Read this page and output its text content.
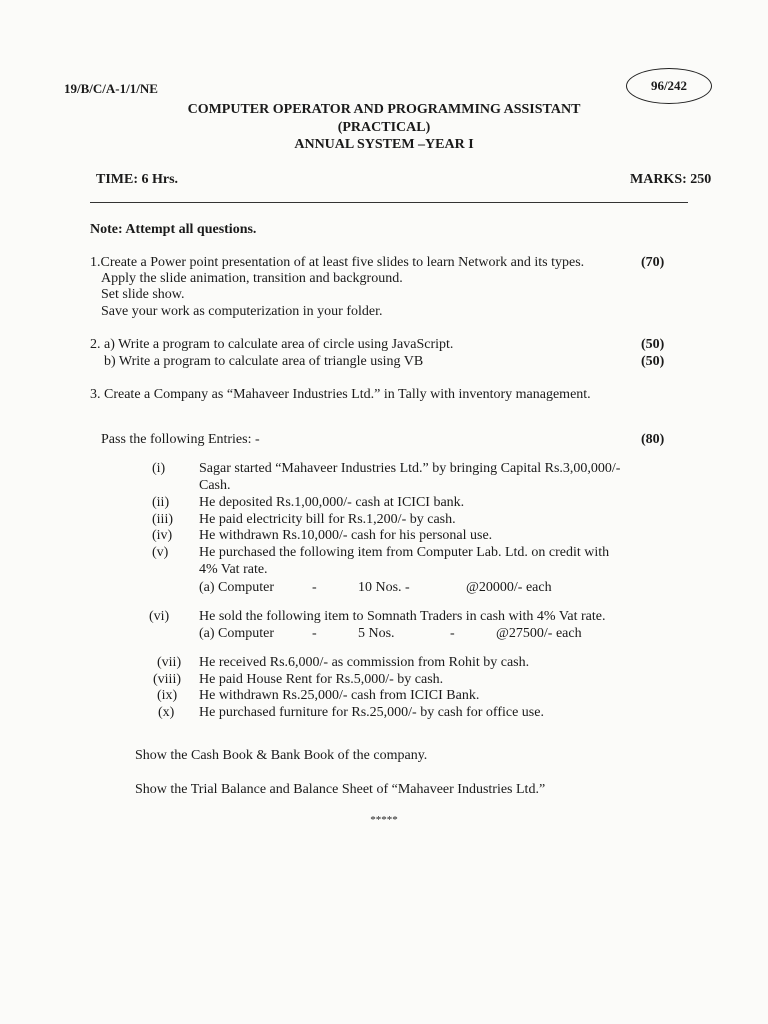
19/B/C/A-1/1/NE	96/242
COMPUTER OPERATOR AND PROGRAMMING ASSISTANT
(PRACTICAL)
ANNUAL SYSTEM –YEAR I
TIME: 6 Hrs.	MARKS: 250
Note: Attempt all questions.
1.Create a Power point presentation of at least five slides to learn Network and its types.	(70)
Apply the slide animation, transition and background.
Set slide show.
Save your work as computerization in your folder.
2. a) Write a program to calculate area of circle using JavaScript.	(50)
b) Write a program to calculate area of triangle using VB	(50)
3. Create a Company as “Mahaveer Industries Ltd.” in Tally with inventory management.
Pass the following Entries: -	(80)
(i) Sagar started “Mahaveer Industries Ltd.” by bringing Capital Rs.3,00,000/-
Cash.
(ii) He deposited Rs.1,00,000/- cash at ICICI bank.
(iii) He paid electricity bill for Rs.1,200/- by cash.
(iv) He withdrawn Rs.10,000/- cash for his personal use.
(v) He purchased the following item from Computer Lab. Ltd. on credit with
4% Vat rate.
(a) Computer	-	10 Nos. -	@20000/- each
(vi) He sold the following item to Somnath Traders in cash with 4% Vat rate.
(a) Computer	-	5 Nos.	-	@27500/- each
(vii) He received Rs.6,000/- as commission from Rohit by cash.
(viii) He paid House Rent for Rs.5,000/- by cash.
(ix) He withdrawn Rs.25,000/- cash from ICICI Bank.
(x) He purchased furniture for Rs.25,000/- by cash for office use.
Show the Cash Book & Bank Book of the company.
Show the Trial Balance and Balance Sheet of “Mahaveer Industries Ltd.”
*****
